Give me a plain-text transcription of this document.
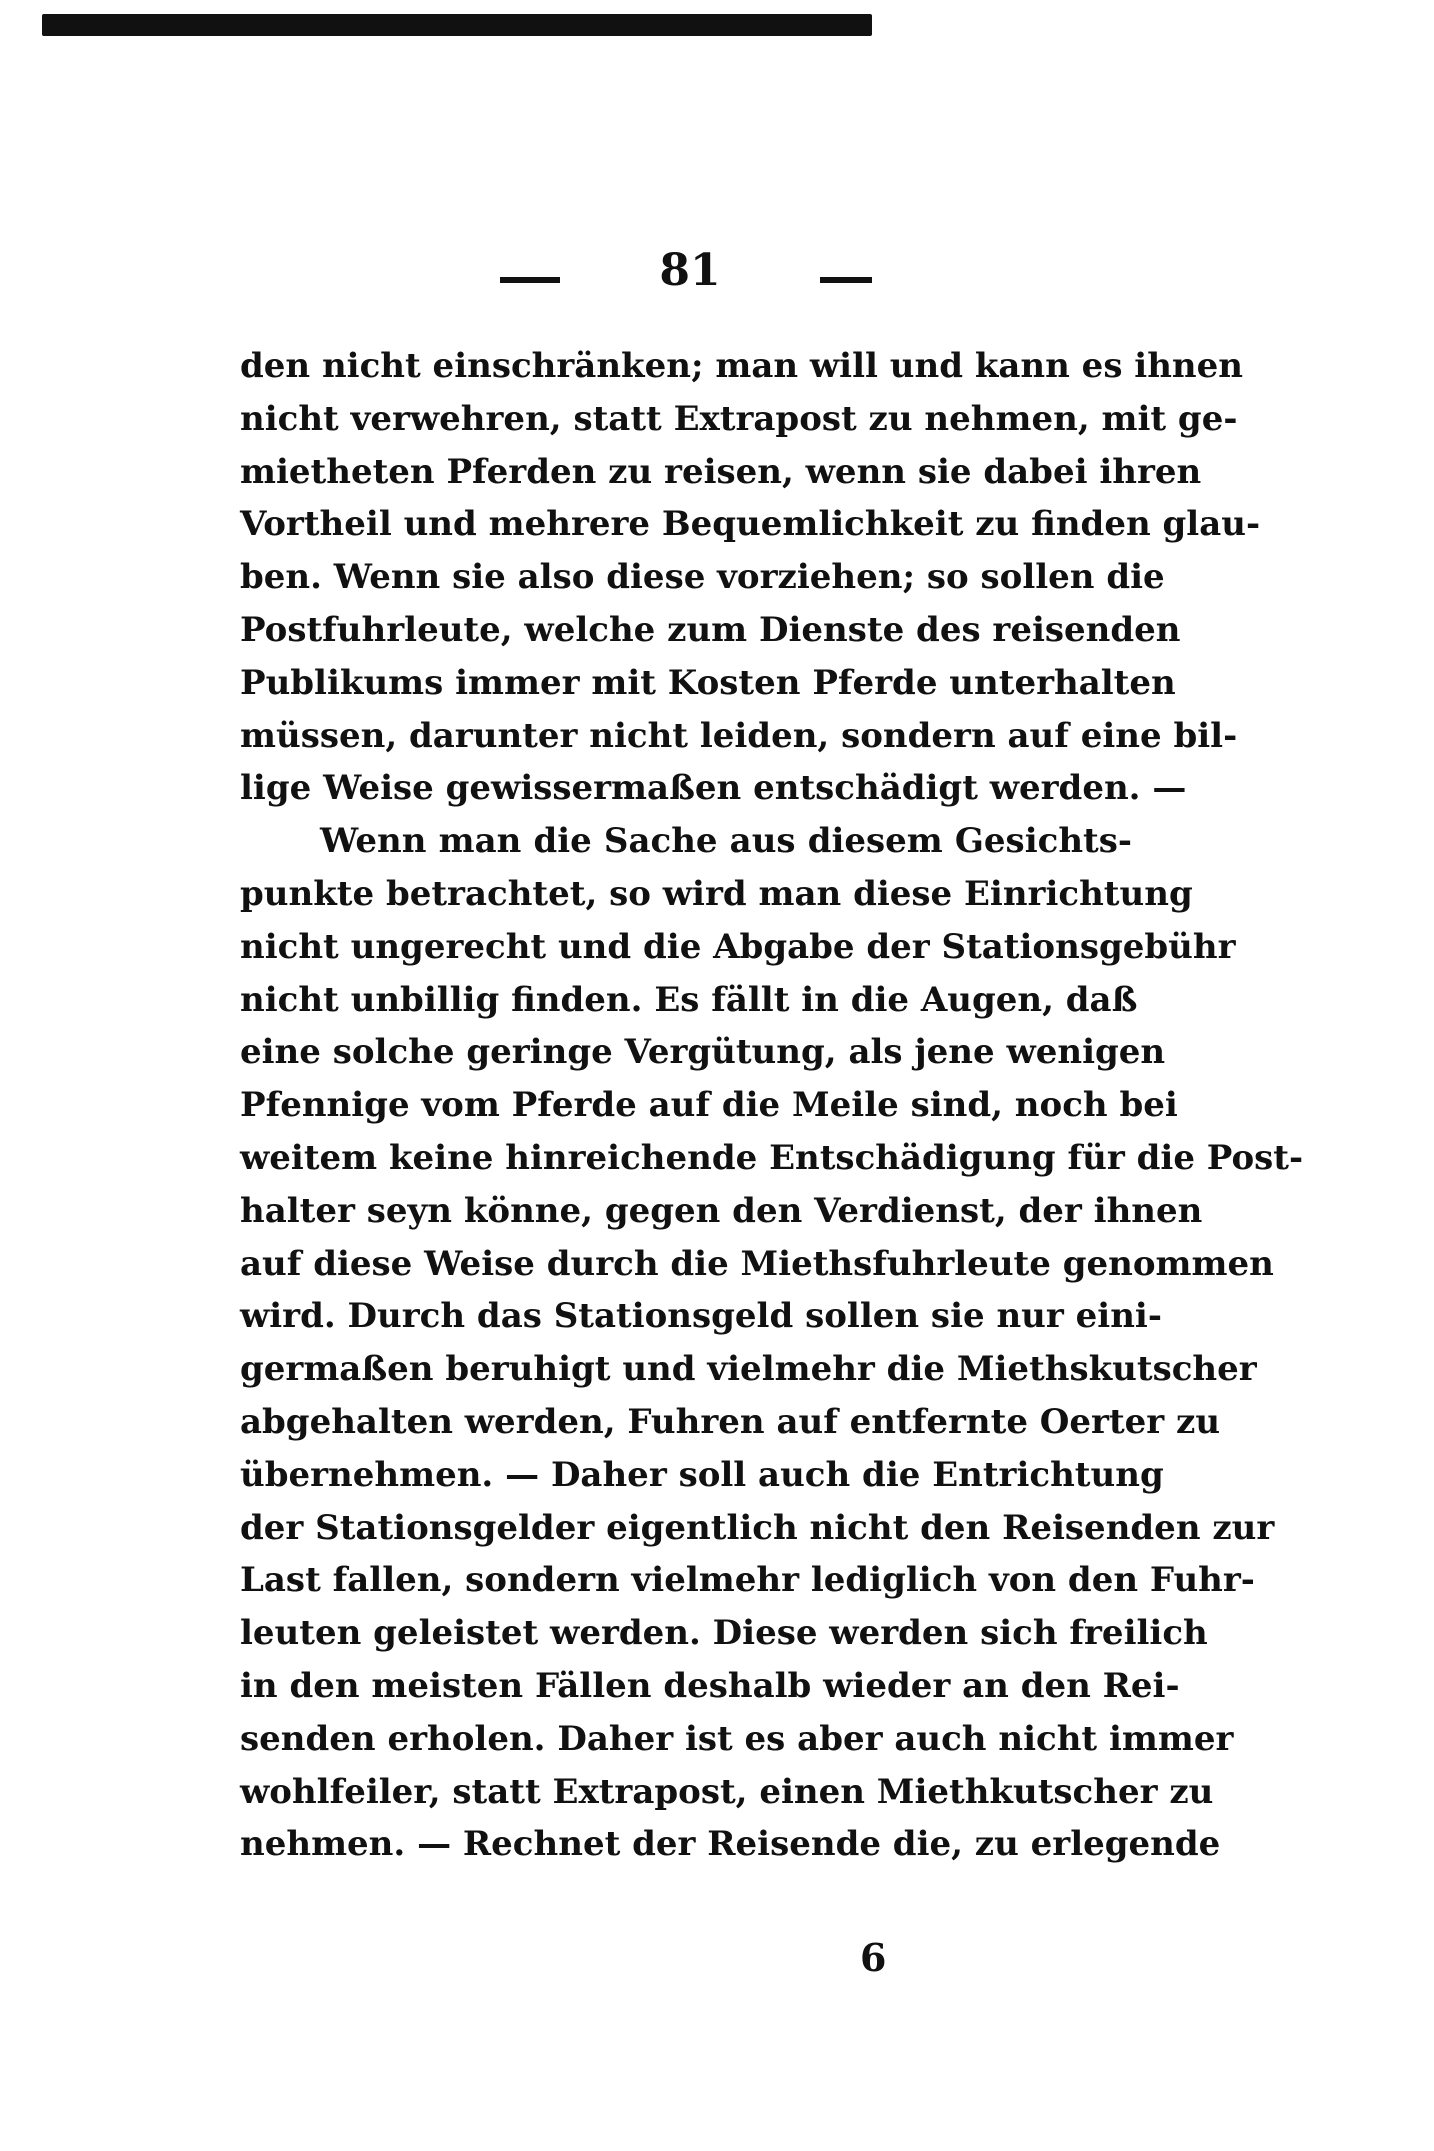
81
den nicht einschränken; man will und kann es ihnen
nicht verwehren, statt Extrapost zu nehmen, mit ge-
mietheten Pferden zu reisen, wenn sie dabei ihren
Vortheil und mehrere Bequemlichkeit zu finden glau-
ben. Wenn sie also diese vorziehen; so sollen die
Postfuhrleute, welche zum Dienste des reisenden
Publikums immer mit Kosten Pferde unterhalten
müssen, darunter nicht leiden, sondern auf eine bil-
lige Weise gewissermaßen entschädigt werden. —
Wenn man die Sache aus diesem Gesichts-
punkte betrachtet, so wird man diese Einrichtung
nicht ungerecht und die Abgabe der Stationsgebühr
nicht unbillig finden. Es fällt in die Augen, daß
eine solche geringe Vergütung, als jene wenigen
Pfennige vom Pferde auf die Meile sind, noch bei
weitem keine hinreichende Entschädigung für die Post-
halter seyn könne, gegen den Verdienst, der ihnen
auf diese Weise durch die Miethsfuhrleute genommen
wird. Durch das Stationsgeld sollen sie nur eini-
germaßen beruhigt und vielmehr die Miethskutscher
abgehalten werden, Fuhren auf entfernte Oerter zu
übernehmen. — Daher soll auch die Entrichtung
der Stationsgelder eigentlich nicht den Reisenden zur
Last fallen, sondern vielmehr lediglich von den Fuhr-
leuten geleistet werden. Diese werden sich freilich
in den meisten Fällen deshalb wieder an den Rei-
senden erholen. Daher ist es aber auch nicht immer
wohlfeiler, statt Extrapost, einen Miethkutscher zu
nehmen. — Rechnet der Reisende die, zu erlegende
6
